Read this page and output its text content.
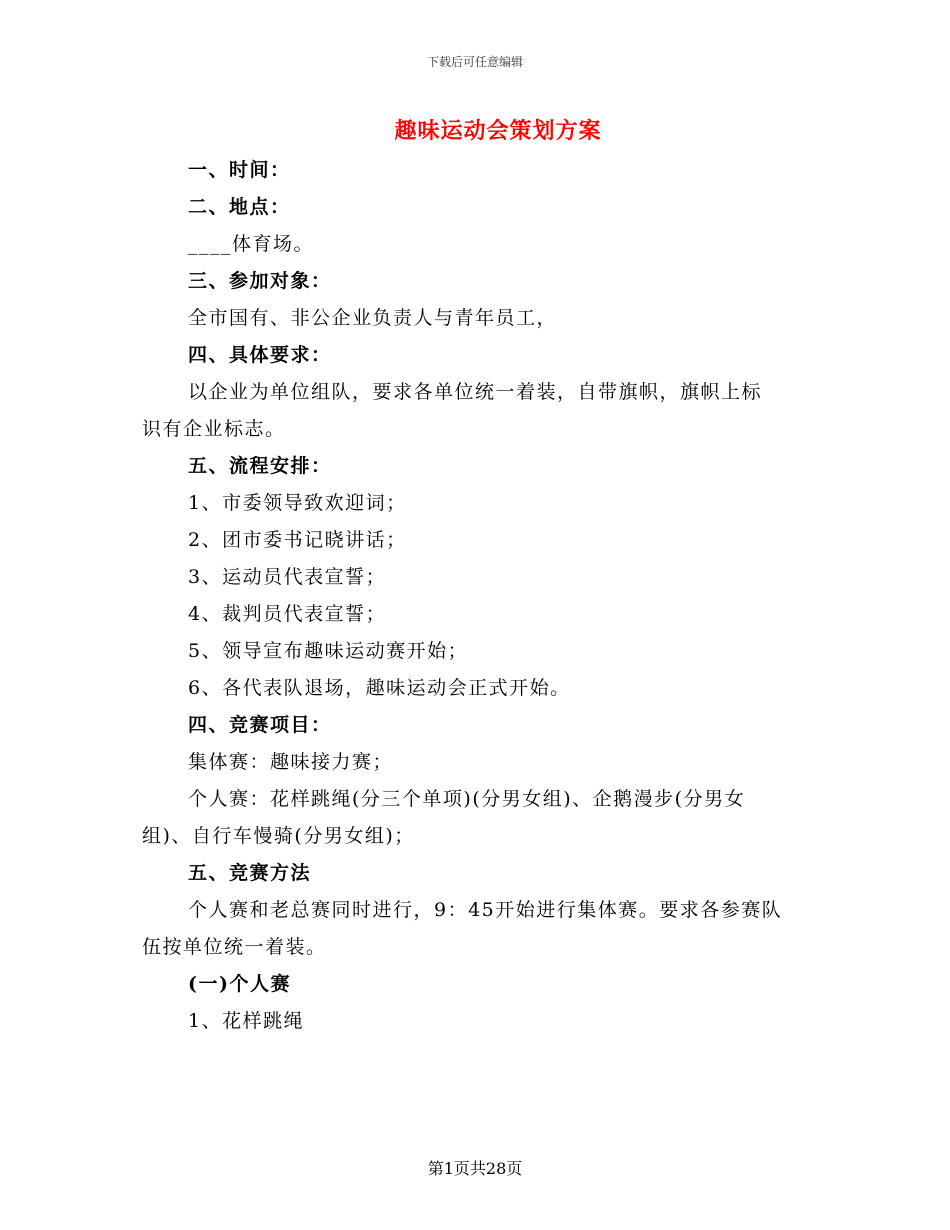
下载后可任意编辑
趣味运动会策划方案
一、时间：
二、地点：
____体育场。
三、参加对象：
全市国有、非公企业负责人与青年员工，
四、具体要求：
以企业为单位组队，要求各单位统一着装，自带旗帜，旗帜上标
识有企业标志。
五、流程安排：
1、市委领导致欢迎词；
2、团市委书记晓讲话；
3、运动员代表宣誓；
4、裁判员代表宣誓；
5、领导宣布趣味运动赛开始；
6、各代表队退场，趣味运动会正式开始。
四、竞赛项目：
集体赛：趣味接力赛；
个人赛：花样跳绳(分三个单项)(分男女组)、企鹅漫步(分男女
组)、自行车慢骑(分男女组)；
五、竞赛方法
个人赛和老总赛同时进行，9：45开始进行集体赛。要求各参赛队
伍按单位统一着装。
(一)个人赛
1、花样跳绳
第1页共28页
